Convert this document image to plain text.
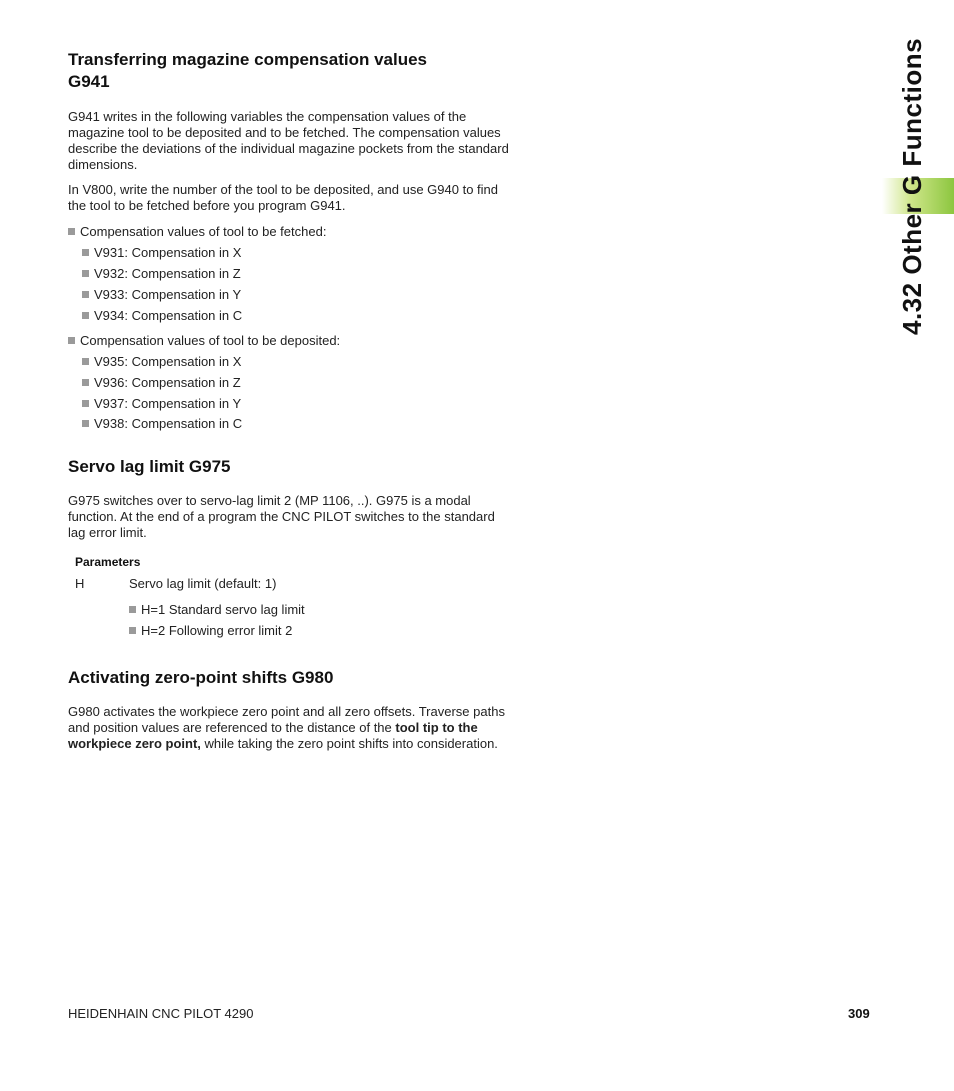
4.32 Other G Functions
Transferring magazine compensation values
G941

G941 writes in the following variables the compensation values of the magazine tool to be deposited and to be fetched. The compensation values describe the deviations of the individual magazine pockets from the standard dimensions.

In V800, write the number of the tool to be deposited, and use G940 to find the tool to be fetched before you program G941.

Compensation values of tool to be fetched:
V931: Compensation in X
V932: Compensation in Z
V933: Compensation in Y
V934: Compensation in C
Compensation values of tool to be deposited:
V935: Compensation in X
V936: Compensation in Z
V937: Compensation in Y
V938: Compensation in C
Servo lag limit G975

G975 switches over to servo-lag limit 2 (MP 1106, ..). G975 is a modal function. At the end of a program the CNC PILOT switches to the standard lag error limit.

Parameters
H	Servo lag limit (default: 1)
H=1 Standard servo lag limit
H=2 Following error limit 2
Activating zero-point shifts G980

G980 activates the workpiece zero point and all zero offsets. Traverse paths and position values are referenced to the distance of the tool tip to the workpiece zero point, while taking the zero point shifts into consideration.

HEIDENHAIN CNC PILOT 4290	309
